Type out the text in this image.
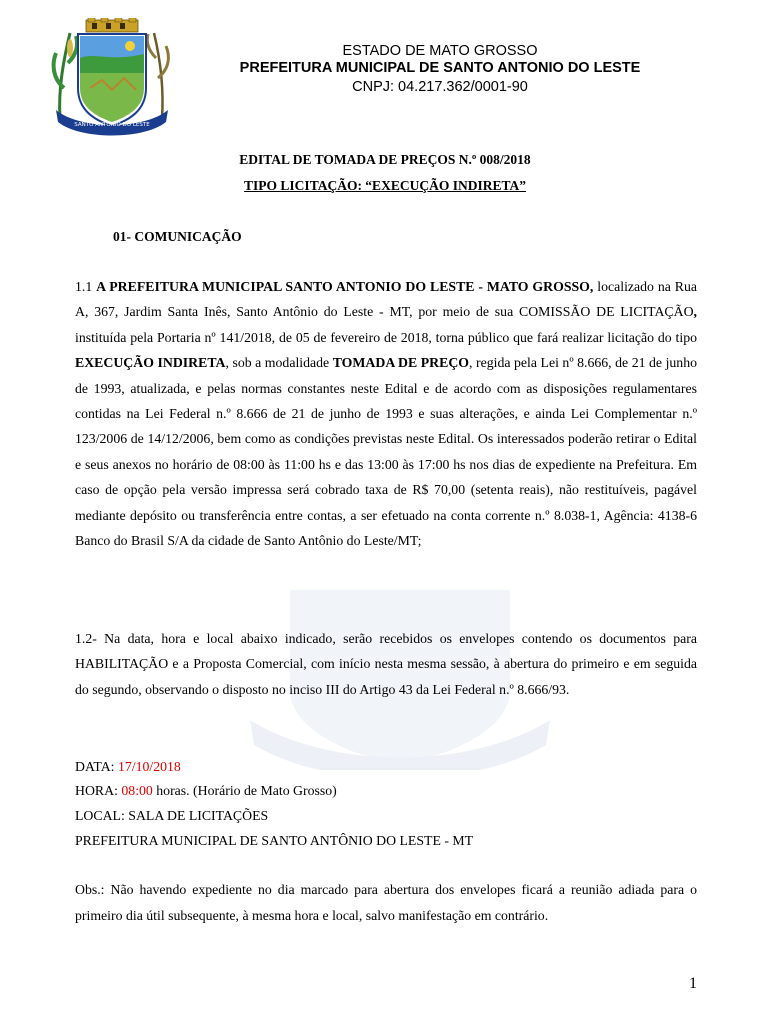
SANTO ANTÔNIO DO LESTE
ESTADO DE MATO GROSSO
PREFEITURA MUNICIPAL DE SANTO ANTONIO DO LESTE
CNPJ: 04.217.362/0001-90
EDITAL DE TOMADA DE PREÇOS N.º 008/2018
TIPO LICITAÇÃO: “EXECUÇÃO INDIRETA”
01- COMUNICAÇÃO
1.1 A PREFEITURA MUNICIPAL SANTO ANTONIO DO LESTE - MATO GROSSO, localizado na Rua A, 367, Jardim Santa Inês, Santo Antônio do Leste - MT, por meio de sua COMISSÃO DE LICITAÇÃO, instituída pela Portaria nº 141/2018, de 05 de fevereiro de 2018, torna público que fará realizar licitação do tipo EXECUÇÃO INDIRETA, sob a modalidade TOMADA DE PREÇO, regida pela Lei nº 8.666, de 21 de junho de 1993, atualizada, e pelas normas constantes neste Edital e de acordo com as disposições regulamentares contidas na Lei Federal n.º 8.666 de 21 de junho de 1993 e suas alterações, e ainda Lei Complementar n.º 123/2006 de 14/12/2006, bem como as condições previstas neste Edital. Os interessados poderão retirar o Edital e seus anexos no horário de 08:00 às 11:00 hs e das 13:00 às 17:00 hs nos dias de expediente na Prefeitura. Em caso de opção pela versão impressa será cobrado taxa de R$ 70,00 (setenta reais), não restituíveis, pagável mediante depósito ou transferência entre contas, a ser efetuado na conta corrente n.º 8.038-1, Agência: 4138-6 Banco do Brasil S/A da cidade de Santo Antônio do Leste/MT;
1.2- Na data, hora e local abaixo indicado, serão recebidos os envelopes contendo os documentos para HABILITAÇÃO e a Proposta Comercial, com início nesta mesma sessão, à abertura do primeiro e em seguida do segundo, observando o disposto no inciso III do Artigo 43 da Lei Federal n.º 8.666/93.
DATA: 17/10/2018
HORA: 08:00 horas. (Horário de Mato Grosso)
LOCAL: SALA DE LICITAÇÕES
PREFEITURA MUNICIPAL DE SANTO ANTÔNIO DO LESTE - MT
Obs.: Não havendo expediente no dia marcado para abertura dos envelopes ficará a reunião adiada para o primeiro dia útil subsequente, à mesma hora e local, salvo manifestação em contrário.
1
